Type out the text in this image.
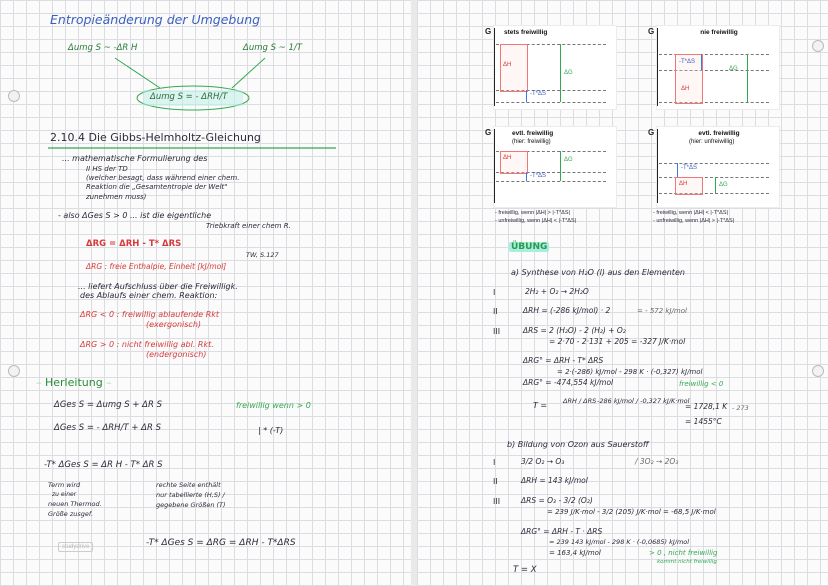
Entropieänderung der Umgebung
Δumg S ~ -ΔR H	Δumg S ~ 1/T
Δumg S = - ΔRH/T
2.10.4 Die Gibbs-Helmholtz-Gleichung
... mathematische Formulierung des
II HS der TD
(welcher besagt, dass während einer chem.
Reaktion die „Gesamtentropie der Welt"
zunehmen muss)
- also ΔGes S > 0 ... ist die eigentliche
Triebkraft einer chem R.
ΔRG = ΔRH - T* ΔRS
TW, S.127
ΔRG : freie Enthalpie, Einheit [kJ/mol]
... liefert Aufschluss über die Freiwilligk.
des Ablaufs einer chem. Reaktion:
ΔRG < 0 : freiwillig ablaufende Rkt
(exergonisch)
ΔRG > 0 : nicht freiwillig abl. Rkt.
(endergonisch)
– Herleitung –
ΔGes S = Δumg S + ΔR S	freiwillig wenn > 0
ΔGes S = - ΔRH/T + ΔR S	| * (-T)
-T* ΔGes S = ΔR H - T* ΔR S
Term wird
zu einer
neuen Thermod.
Größe zusgef.
rechte Seite enthält
nur tabellierte (H,S) /
gegebene Größen (T)
-T* ΔGes S = ΔRG = ΔRH - T*ΔRS
studydrive
G stets freiwillig
ΔH
ΔG
-T*ΔS
G	nie freiwillig
-T*ΔS
ΔG
ΔH
G	evtl. freiwillig
(hier: freiwillig)
ΔH	ΔG
-T*ΔS
G	evtl. freiwillig
(hier: unfreiwillig)
-T*ΔS
ΔH	ΔG
- freiwillig, wenn |ΔH| > |-T*ΔS|
- unfreiwillig, wenn |ΔH| < |-T*ΔS|
- freiwillig, wenn |ΔH| < |-T*ΔS|
- unfreiwillig, wenn |ΔH| > |-T*ΔS|
ÜBUNG
a) Synthese von H₂O (l) aus den Elementen
I	2H₂ + O₂ → 2H₂O
II	ΔRH = (-286 kJ/mol) · 2	= - 572 kJ/mol
III	ΔRS = 2 (H₂O) - 2 (H₂) + O₂
= 2·70 - 2·131 + 205 = -327 J/K·mol
ΔRG° = ΔRH - T* ΔRS
= 2·(-286) kJ/mol - 298 K · (-0,327) kJ/mol
ΔRG° = -474,554 kJ/mol	freiwillig < 0
T = ΔRH / ΔRS -286 kJ/mol / -0,327 kJ/K·mol
= 1728,1 K - 273
= 1455°C
b) Bildung von Ozon aus Sauerstoff
I	3/2 O₂ → O₃	/ 3O₂ → 2O₃
II	ΔRH = 143 kJ/mol
III	ΔRS = O₃ - 3/2 (O₂)
= 239 J/K·mol - 3/2 (205) J/K·mol = -68,5 J/K·mol
ΔRG° = ΔRH - T · ΔRS
= 239 143 kJ/mol - 298 K · (-0,0685) kJ/mol
= 163,4 kJ/mol	> 0 , nicht freiwillig
kommt nicht freiwillig
T = X
